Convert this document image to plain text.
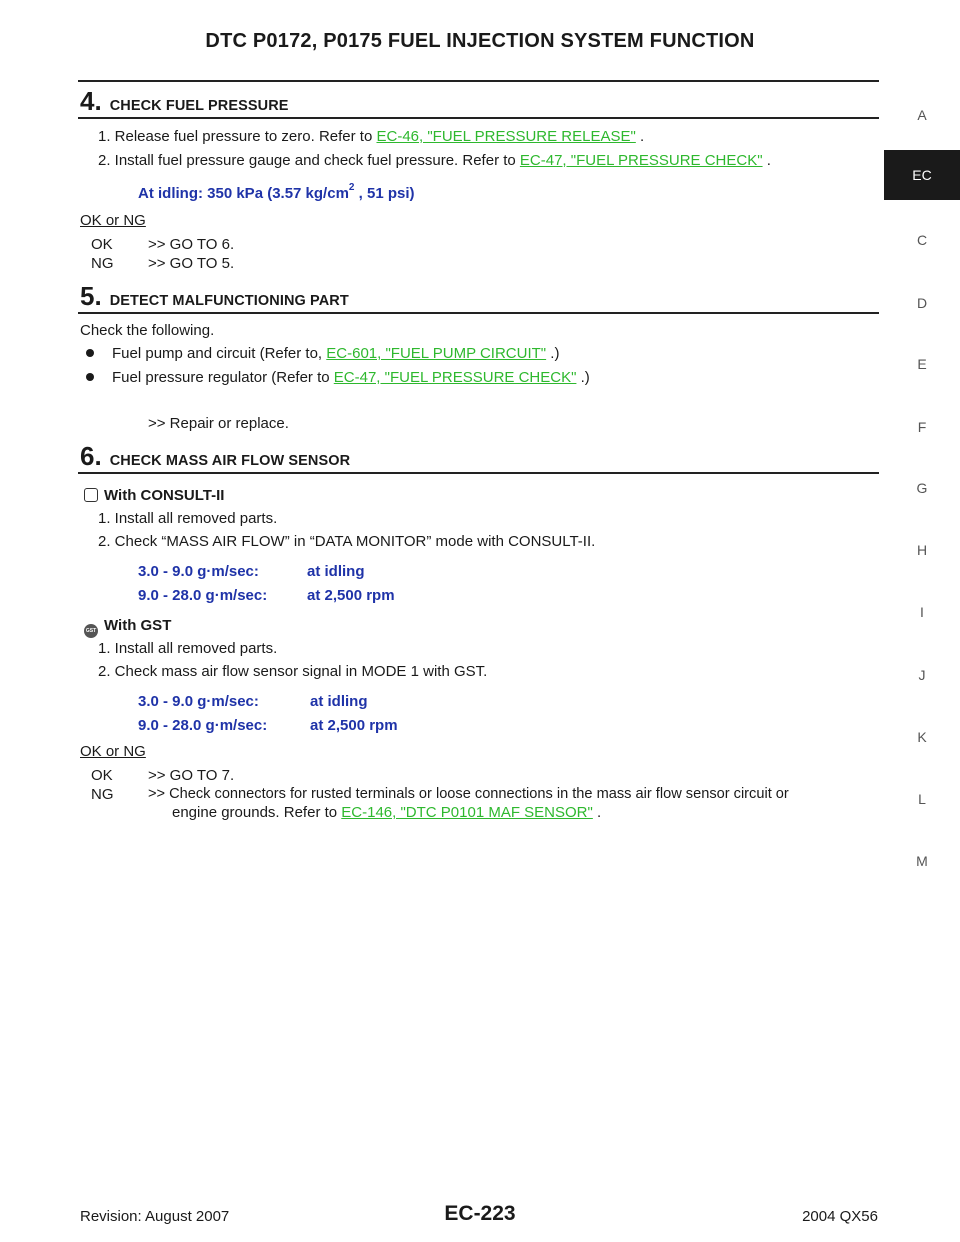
DTC P0172, P0175 FUEL INJECTION SYSTEM FUNCTION
4. CHECK FUEL PRESSURE
1. Release fuel pressure to zero. Refer to EC-46, "FUEL PRESSURE RELEASE" .
2. Install fuel pressure gauge and check fuel pressure. Refer to EC-47, "FUEL PRESSURE CHECK" .
At idling: 350 kPa (3.57 $kg/cm^2$ , 51 psi)
OK or NG
OK >> GO TO 6.
NG >> GO TO 5.
5. DETECT MALFUNCTIONING PART
Check the following.
Fuel pump and circuit (Refer to, EC-601, "FUEL PUMP CIRCUIT" .)
Fuel pressure regulator (Refer to EC-47, "FUEL PRESSURE CHECK" .)
>> Repair or replace.
6. CHECK MASS AIR FLOW SENSOR
With CONSULT-II
1. Install all removed parts.
2. Check “MASS AIR FLOW” in “DATA MONITOR” mode with CONSULT-II.
3.0 - 9.0 g·m/sec:	at idling
9.0 - 28.0 g·m/sec:	at 2,500 rpm
GST With GST
1. Install all removed parts.
2. Check mass air flow sensor signal in MODE 1 with GST.
3.0 - 9.0 g·m/sec:	at idling
9.0 - 28.0 g·m/sec:	at 2,500 rpm
OK or NG
OK >> GO TO 7.
NG >> Check connectors for rusted terminals or loose connections in the mass air flow sensor circuit or
engine grounds. Refer to EC-146, "DTC P0101 MAF SENSOR" .
A
C
D
E
F
G
H
I
J
K
L
M
EC
Revision: August 2007	EC-223	2004 QX56
